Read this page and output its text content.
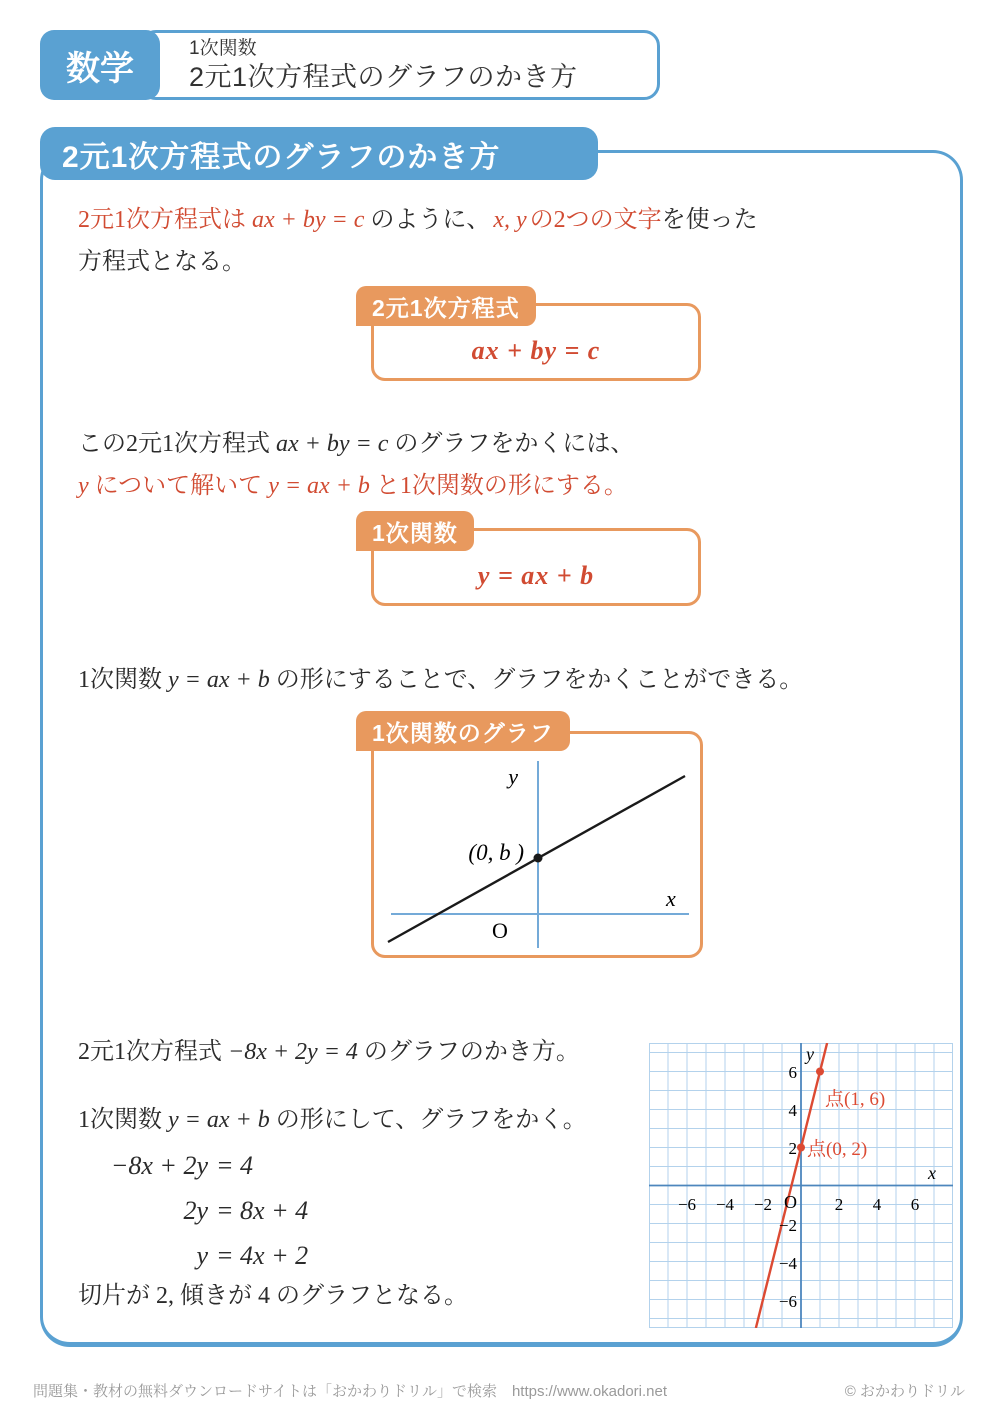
数学
1次関数
2元1次方程式のグラフのかき方
2元1次方程式のグラフのかき方
2元1次方程式は ax + by = c のように、 x, y の2つの文字を使った
方程式となる。
2元1次方程式
ax + by = c
この2元1次方程式 ax + by = c のグラフをかくには、
y について解いて y = ax + b と1次関数の形にする。
1次関数
y = ax + b
1次関数 y = ax + b の形にすることで、グラフをかくことができる。
1次関数のグラフ
y
x
O
(0, b )
2元1次方程式 −8x + 2y = 4 のグラフのかき方。
1次関数 y = ax + b の形にして、グラフをかく。
−8x + 2y = 4
2y = 8x + 4
y = 4x + 2
切片が 2, 傾きが 4 のグラフとなる。
y
x
O
−6 −4 −2	2 4 6
6
4
2
−2
−4
−6
点(1, 6)
点(0, 2)
問題集・教材の無料ダウンロードサイトは「おかわりドリル」で検索　https://www.okadori.net	© おかわりドリル
